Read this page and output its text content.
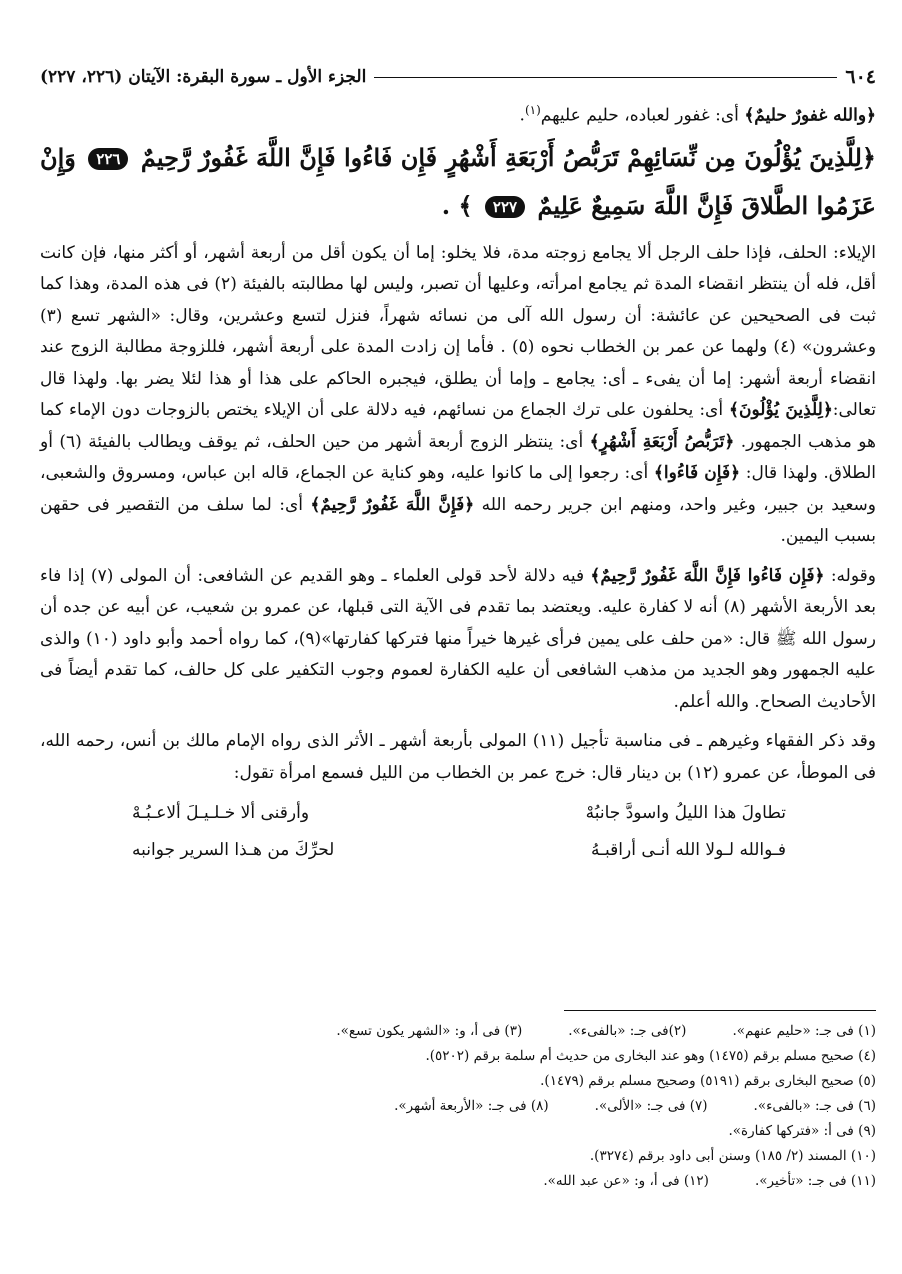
٦٠٤
الجزء الأول ـ سورة البقرة: الآيتان (٢٢٦، ٢٢٧)
﴿والله غفورٌ حليمٌ﴾ أى: غفور لعباده، حليم عليهم$^{(١)}$.
﴿لِلَّذِينَ يُؤْلُونَ مِن نِّسَائِهِمْ تَرَبُّصُ أَرْبَعَةِ أَشْهُرٍ فَإِن فَاءُوا فَإِنَّ اللَّهَ غَفُورٌ رَّحِيمٌ ٢٢٦ وَإِنْ عَزَمُوا الطَّلاقَ فَإِنَّ اللَّهَ سَمِيعٌ عَلِيمٌ ٢٢٧ ﴾ .

الإيلاء: الحلف، فإذا حلف الرجل ألا يجامع زوجته مدة، فلا يخلو: إما أن يكون أقل من أربعة أشهر، أو أكثر منها، فإن كانت أقل، فله أن ينتظر انقضاء المدة ثم يجامع امرأته، وعليها أن تصبر، وليس لها مطالبته بالفيئة (٢) فى هذه المدة، وهذا كما ثبت فى الصحيحين عن عائشة: أن رسول الله آلى من نسائه شهراً، فنزل لتسع وعشرين، وقال: «الشهر تسع (٣) وعشرون» (٤) ولهما عن عمر بن الخطاب نحوه (٥) . فأما إن زادت المدة على أربعة أشهر، فللزوجة مطالبة الزوج عند انقضاء أربعة أشهر: إما أن يفىء ـ أى: يجامع ـ وإما أن يطلق، فيجبره الحاكم على هذا أو هذا لئلا يضر بها. ولهذا قال تعالى:﴿لِلَّذِينَ يُؤْلُونَ﴾ أى: يحلفون على ترك الجماع من نسائهم، فيه دلالة على أن الإيلاء يختص بالزوجات دون الإماء كما هو مذهب الجمهور. ﴿تَرَبُّصُ أَرْبَعَةِ أَشْهُرٍ﴾ أى: ينتظر الزوج أربعة أشهر من حين الحلف، ثم يوقف ويطالب بالفيئة (٦) أو الطلاق. ولهذا قال: ﴿فَإِن فَاءُوا﴾ أى: رجعوا إلى ما كانوا عليه، وهو كناية عن الجماع، قاله ابن عباس، ومسروق والشعبى، وسعيد بن جبير، وغير واحد، ومنهم ابن جرير رحمه الله ﴿فَإِنَّ اللَّهَ غَفُورٌ رَّحِيمٌ﴾ أى: لما سلف من التقصير فى حقهن بسبب اليمين.

وقوله: ﴿فَإِن فَاءُوا فَإِنَّ اللَّهَ غَفُورٌ رَّحِيمٌ﴾ فيه دلالة لأحد قولى العلماء ـ وهو القديم عن الشافعى: أن المولى (٧) إذا فاء بعد الأربعة الأشهر (٨) أنه لا كفارة عليه. ويعتضد بما تقدم فى الآية التى قبلها، عن عمرو بن شعيب، عن أبيه عن جده أن رسول الله ﷺ قال: «من حلف على يمين فرأى غيرها خيراً منها فتركها كفارتها»(٩)، كما رواه أحمد وأبو داود (١٠) والذى عليه الجمهور وهو الجديد من مذهب الشافعى أن عليه الكفارة لعموم وجوب التكفير على كل حالف، كما تقدم أيضاً فى الأحاديث الصحاح. والله أعلم.

وقد ذكر الفقهاء وغيرهم ـ فى مناسبة تأجيل (١١) المولى بأربعة أشهر ـ الأثر الذى رواه الإمام مالك بن أنس، رحمه الله، فى الموطأ، عن عمرو (١٢) بن دينار قال: خرج عمر بن الخطاب من الليل فسمع امرأة تقول:

تطاولَ هذا الليلُ واسودَّ جانبُهْ
وأرقنى ألا خـلـيـلَ ألاعـبُـهْ
فـوالله لـولا الله أنـى أراقبـهُ
لحرِّكَ من هـذا السرير جوانبه
(١) فى جـ: «حليم عنهم».
(٢)فى جـ: «بالفىء».
(٣) فى أ، و: «الشهر يكون تسع».
(٤) صحيح مسلم برقم (١٤٧٥) وهو عند البخارى من حديث أم سلمة برقم (٥٢٠٢).
(٥) صحيح البخارى برقم (٥١٩١) وصحيح مسلم برقم (١٤٧٩).
(٦) فى جـ: «بالفىء».
(٧) فى جـ: «الألى».
(٨) فى جـ: «الأربعة أشهر».
(٩) فى أ: «فتركها كفارة».
(١٠) المسند (٢/ ١٨٥) وسنن أبى داود برقم (٣٢٧٤).
(١١) فى جـ: «تأخير».
(١٢) فى أ، و: «عن عبد الله».
